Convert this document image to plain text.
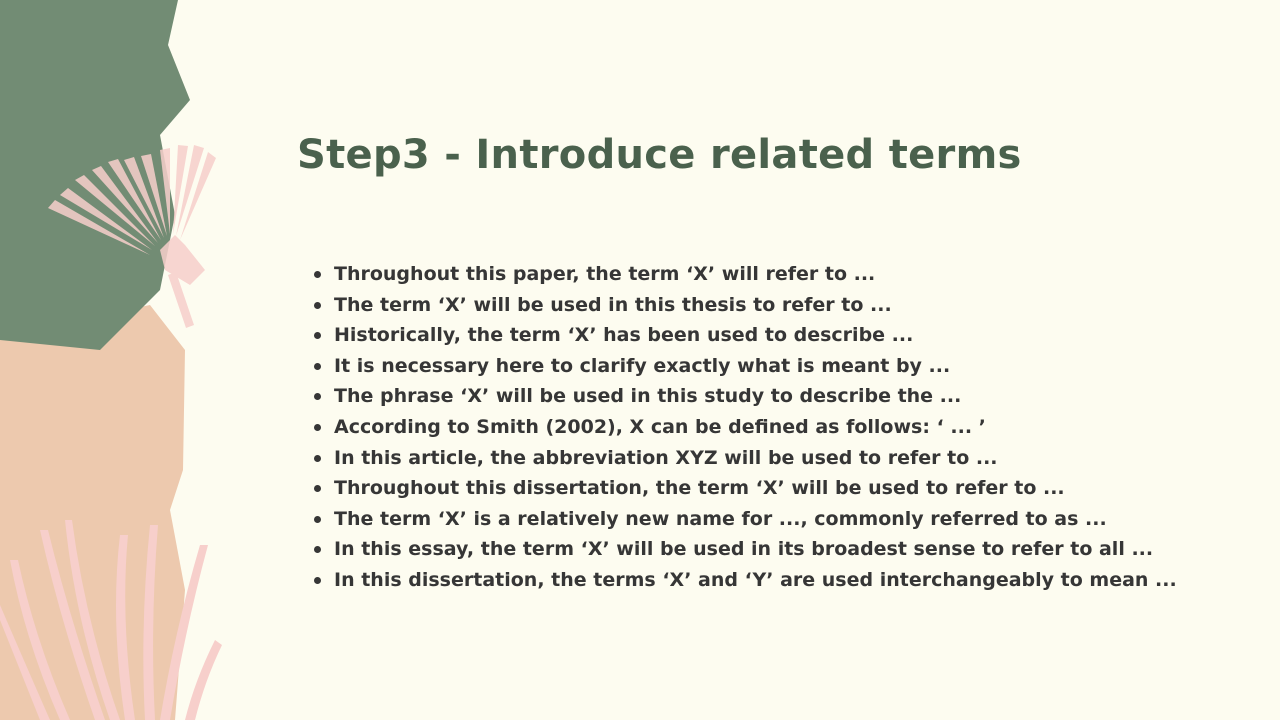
Step3 - Introduce related terms
Throughout this paper, the term ‘X’ will refer to ...
The term ‘X’ will be used in this thesis to refer to ...
Historically, the term ‘X’ has been used to describe ...
It is necessary here to clarify exactly what is meant by ...
The phrase ‘X’ will be used in this study to describe the ...
According to Smith (2002), X can be defined as follows: ‘ ... ’
In this article, the abbreviation XYZ will be used to refer to ...
Throughout this dissertation, the term ‘X’ will be used to refer to ...
The term ‘X’ is a relatively new name for ..., commonly referred to as ...
In this essay, the term ‘X’ will be used in its broadest sense to refer to all ...
In this dissertation, the terms ‘X’ and ‘Y’ are used interchangeably to mean ...
